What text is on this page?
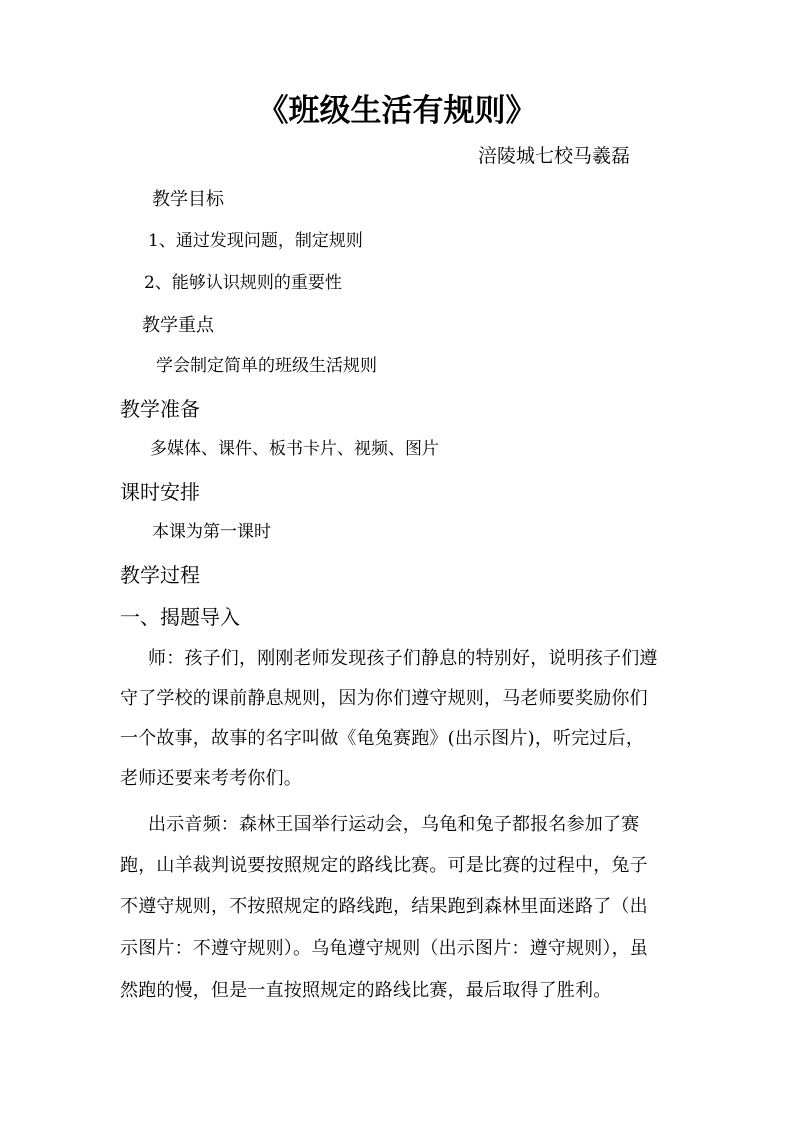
《班级生活有规则》
涪陵城七校马羲磊
教学目标
1、通过发现问题，制定规则
2、能够认识规则的重要性
教学重点
学会制定简单的班级生活规则
教学准备
多媒体、课件、板书卡片、视频、图片
课时安排
本课为第一课时
教学过程
一、揭题导入
师：孩子们，刚刚老师发现孩子们静息的特别好，说明孩子们遵
守了学校的课前静息规则，因为你们遵守规则，马老师要奖励你们
一个故事，故事的名字叫做《龟兔赛跑》(出示图片)，听完过后，
老师还要来考考你们。
出示音频：森林王国举行运动会，乌龟和兔子都报名参加了赛
跑，山羊裁判说要按照规定的路线比赛。可是比赛的过程中，兔子
不遵守规则，不按照规定的路线跑，结果跑到森林里面迷路了（出
示图片：不遵守规则）。乌龟遵守规则（出示图片：遵守规则），虽
然跑的慢，但是一直按照规定的路线比赛，最后取得了胜利。
